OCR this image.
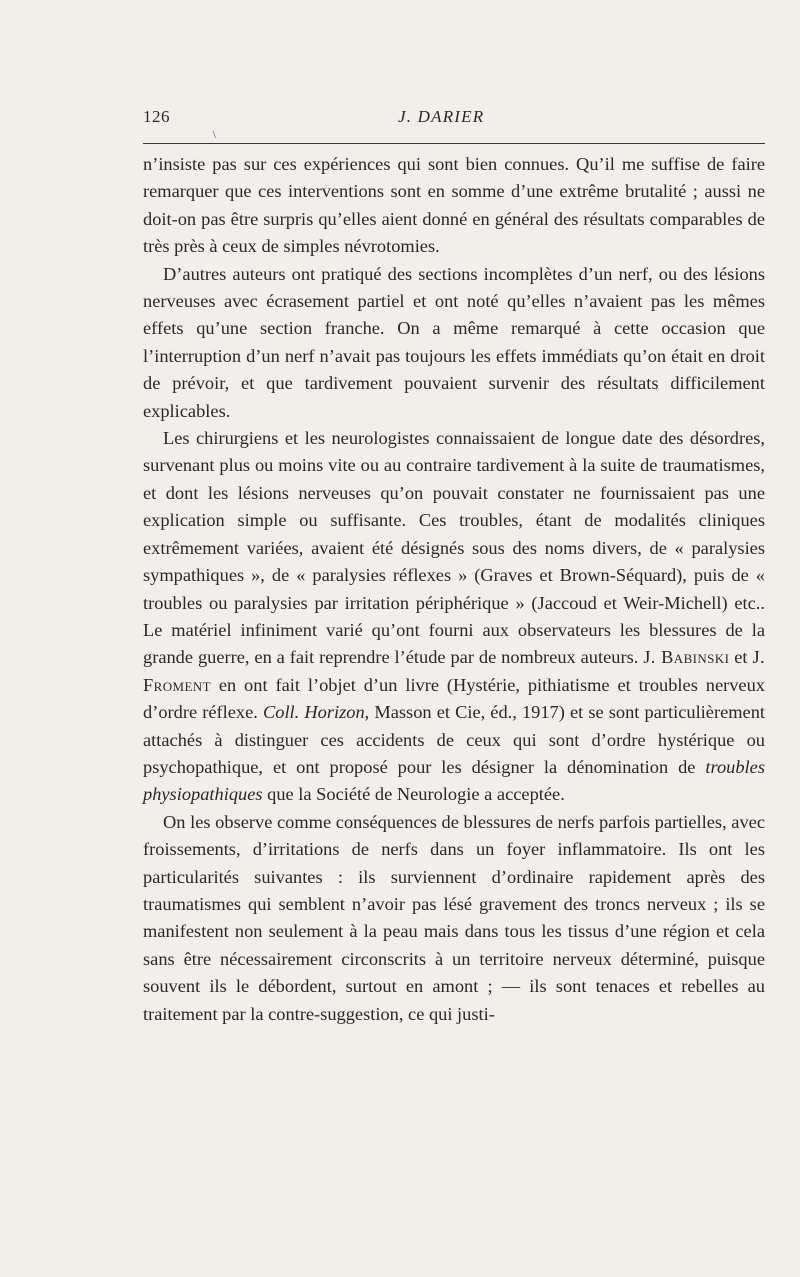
126	J. DARIER
\

n’insiste pas sur ces expériences qui sont bien connues. Qu’il me suffise de faire remarquer que ces interventions sont en somme d’une extrême brutalité ; aussi ne doit-on pas être surpris qu’elles aient donné en général des résultats comparables de très près à ceux de simples névrotomies.

D’autres auteurs ont pratiqué des sections incomplètes d’un nerf, ou des lésions nerveuses avec écrasement partiel et ont noté qu’elles n’avaient pas les mêmes effets qu’une section franche. On a même remarqué à cette occasion que l’interruption d’un nerf n’avait pas toujours les effets immédiats qu’on était en droit de prévoir, et que tardivement pouvaient survenir des résultats difficilement explicables.

Les chirurgiens et les neurologistes connaissaient de longue date des désordres, survenant plus ou moins vite ou au contraire tardivement à la suite de traumatismes, et dont les lésions nerveuses qu’on pouvait constater ne fournissaient pas une explication simple ou suffisante. Ces troubles, étant de modalités cliniques extrêmement variées, avaient été désignés sous des noms divers, de « paralysies sympathiques », de « paralysies réflexes » (Graves et Brown-Séquard), puis de « troubles ou paralysies par irritation périphérique » (Jaccoud et Weir-Michell) etc.. Le matériel infiniment varié qu’ont fourni aux observateurs les blessures de la grande guerre, en a fait reprendre l’étude par de nombreux auteurs. J. Babinski et J. Froment en ont fait l’objet d’un livre (Hystérie, pithiatisme et troubles nerveux d’ordre réflexe. Coll. Horizon, Masson et Cie, éd., 1917) et se sont particulièrement attachés à distinguer ces accidents de ceux qui sont d’ordre hystérique ou psychopathique, et ont proposé pour les désigner la dénomination de troubles physiopathiques que la Société de Neurologie a acceptée.

On les observe comme conséquences de blessures de nerfs parfois partielles, avec froissements, d’irritations de nerfs dans un foyer inflammatoire. Ils ont les particularités suivantes : ils surviennent d’ordinaire rapidement après des traumatismes qui semblent n’avoir pas lésé gravement des troncs nerveux ; ils se manifestent non seulement à la peau mais dans tous les tissus d’une région et cela sans être nécessairement circonscrits à un territoire nerveux déterminé, puisque souvent ils le débordent, surtout en amont ; — ils sont tenaces et rebelles au traitement par la contre-suggestion, ce qui justi-
